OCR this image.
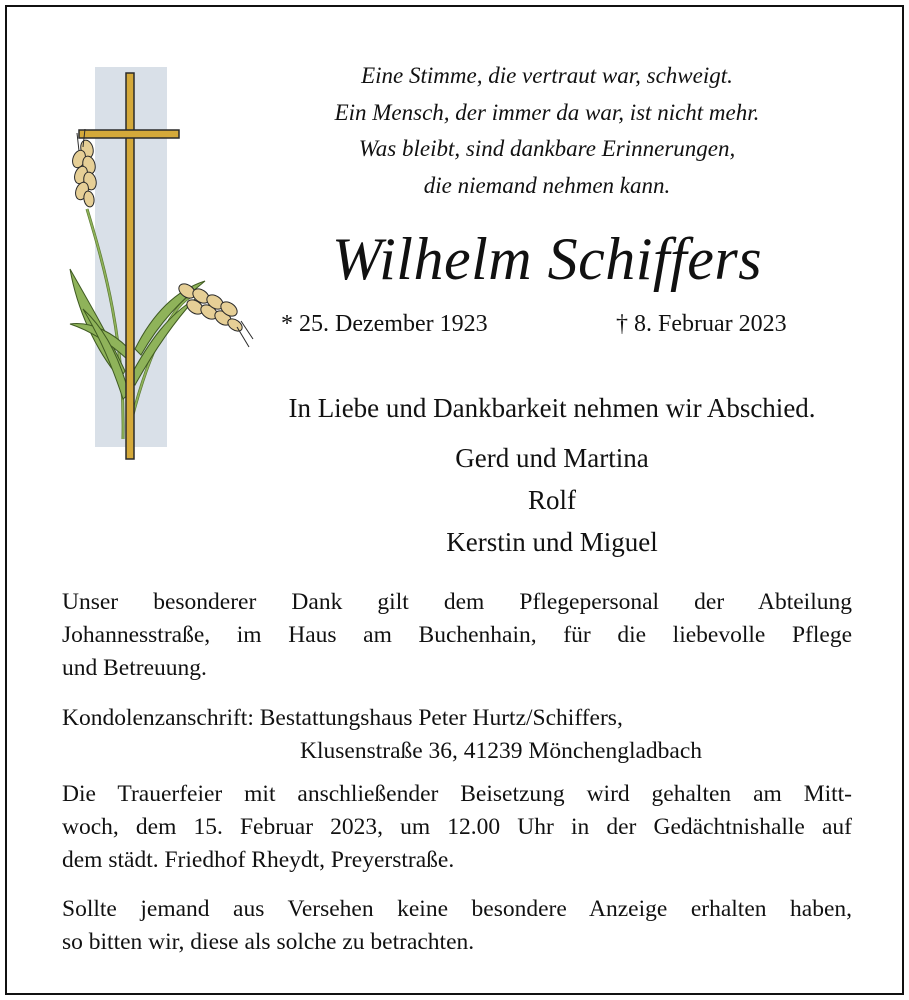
Eine Stimme, die vertraut war, schweigt.
Ein Mensch, der immer da war, ist nicht mehr.
Was bleibt, sind dankbare Erinnerungen,
die niemand nehmen kann.
Wilhelm Schiffers
* 25. Dezember 1923	† 8. Februar 2023
In Liebe und Dankbarkeit nehmen wir Abschied.
Gerd und Martina
Rolf
Kerstin und Miguel
Unser besonderer Dank gilt dem Pflegepersonal der Abteilung
Johannesstraße, im Haus am Buchenhain, für die liebevolle Pflege
und Betreuung.
Kondolenzanschrift: Bestattungshaus Peter Hurtz/Schiffers,
Klusenstraße 36, 41239 Mönchengladbach
Die Trauerfeier mit anschließender Beisetzung wird gehalten am Mitt-
woch, dem 15. Februar 2023, um 12.00 Uhr in der Gedächtnishalle auf
dem städt. Friedhof Rheydt, Preyerstraße.
Sollte jemand aus Versehen keine besondere Anzeige erhalten haben,
so bitten wir, diese als solche zu betrachten.
